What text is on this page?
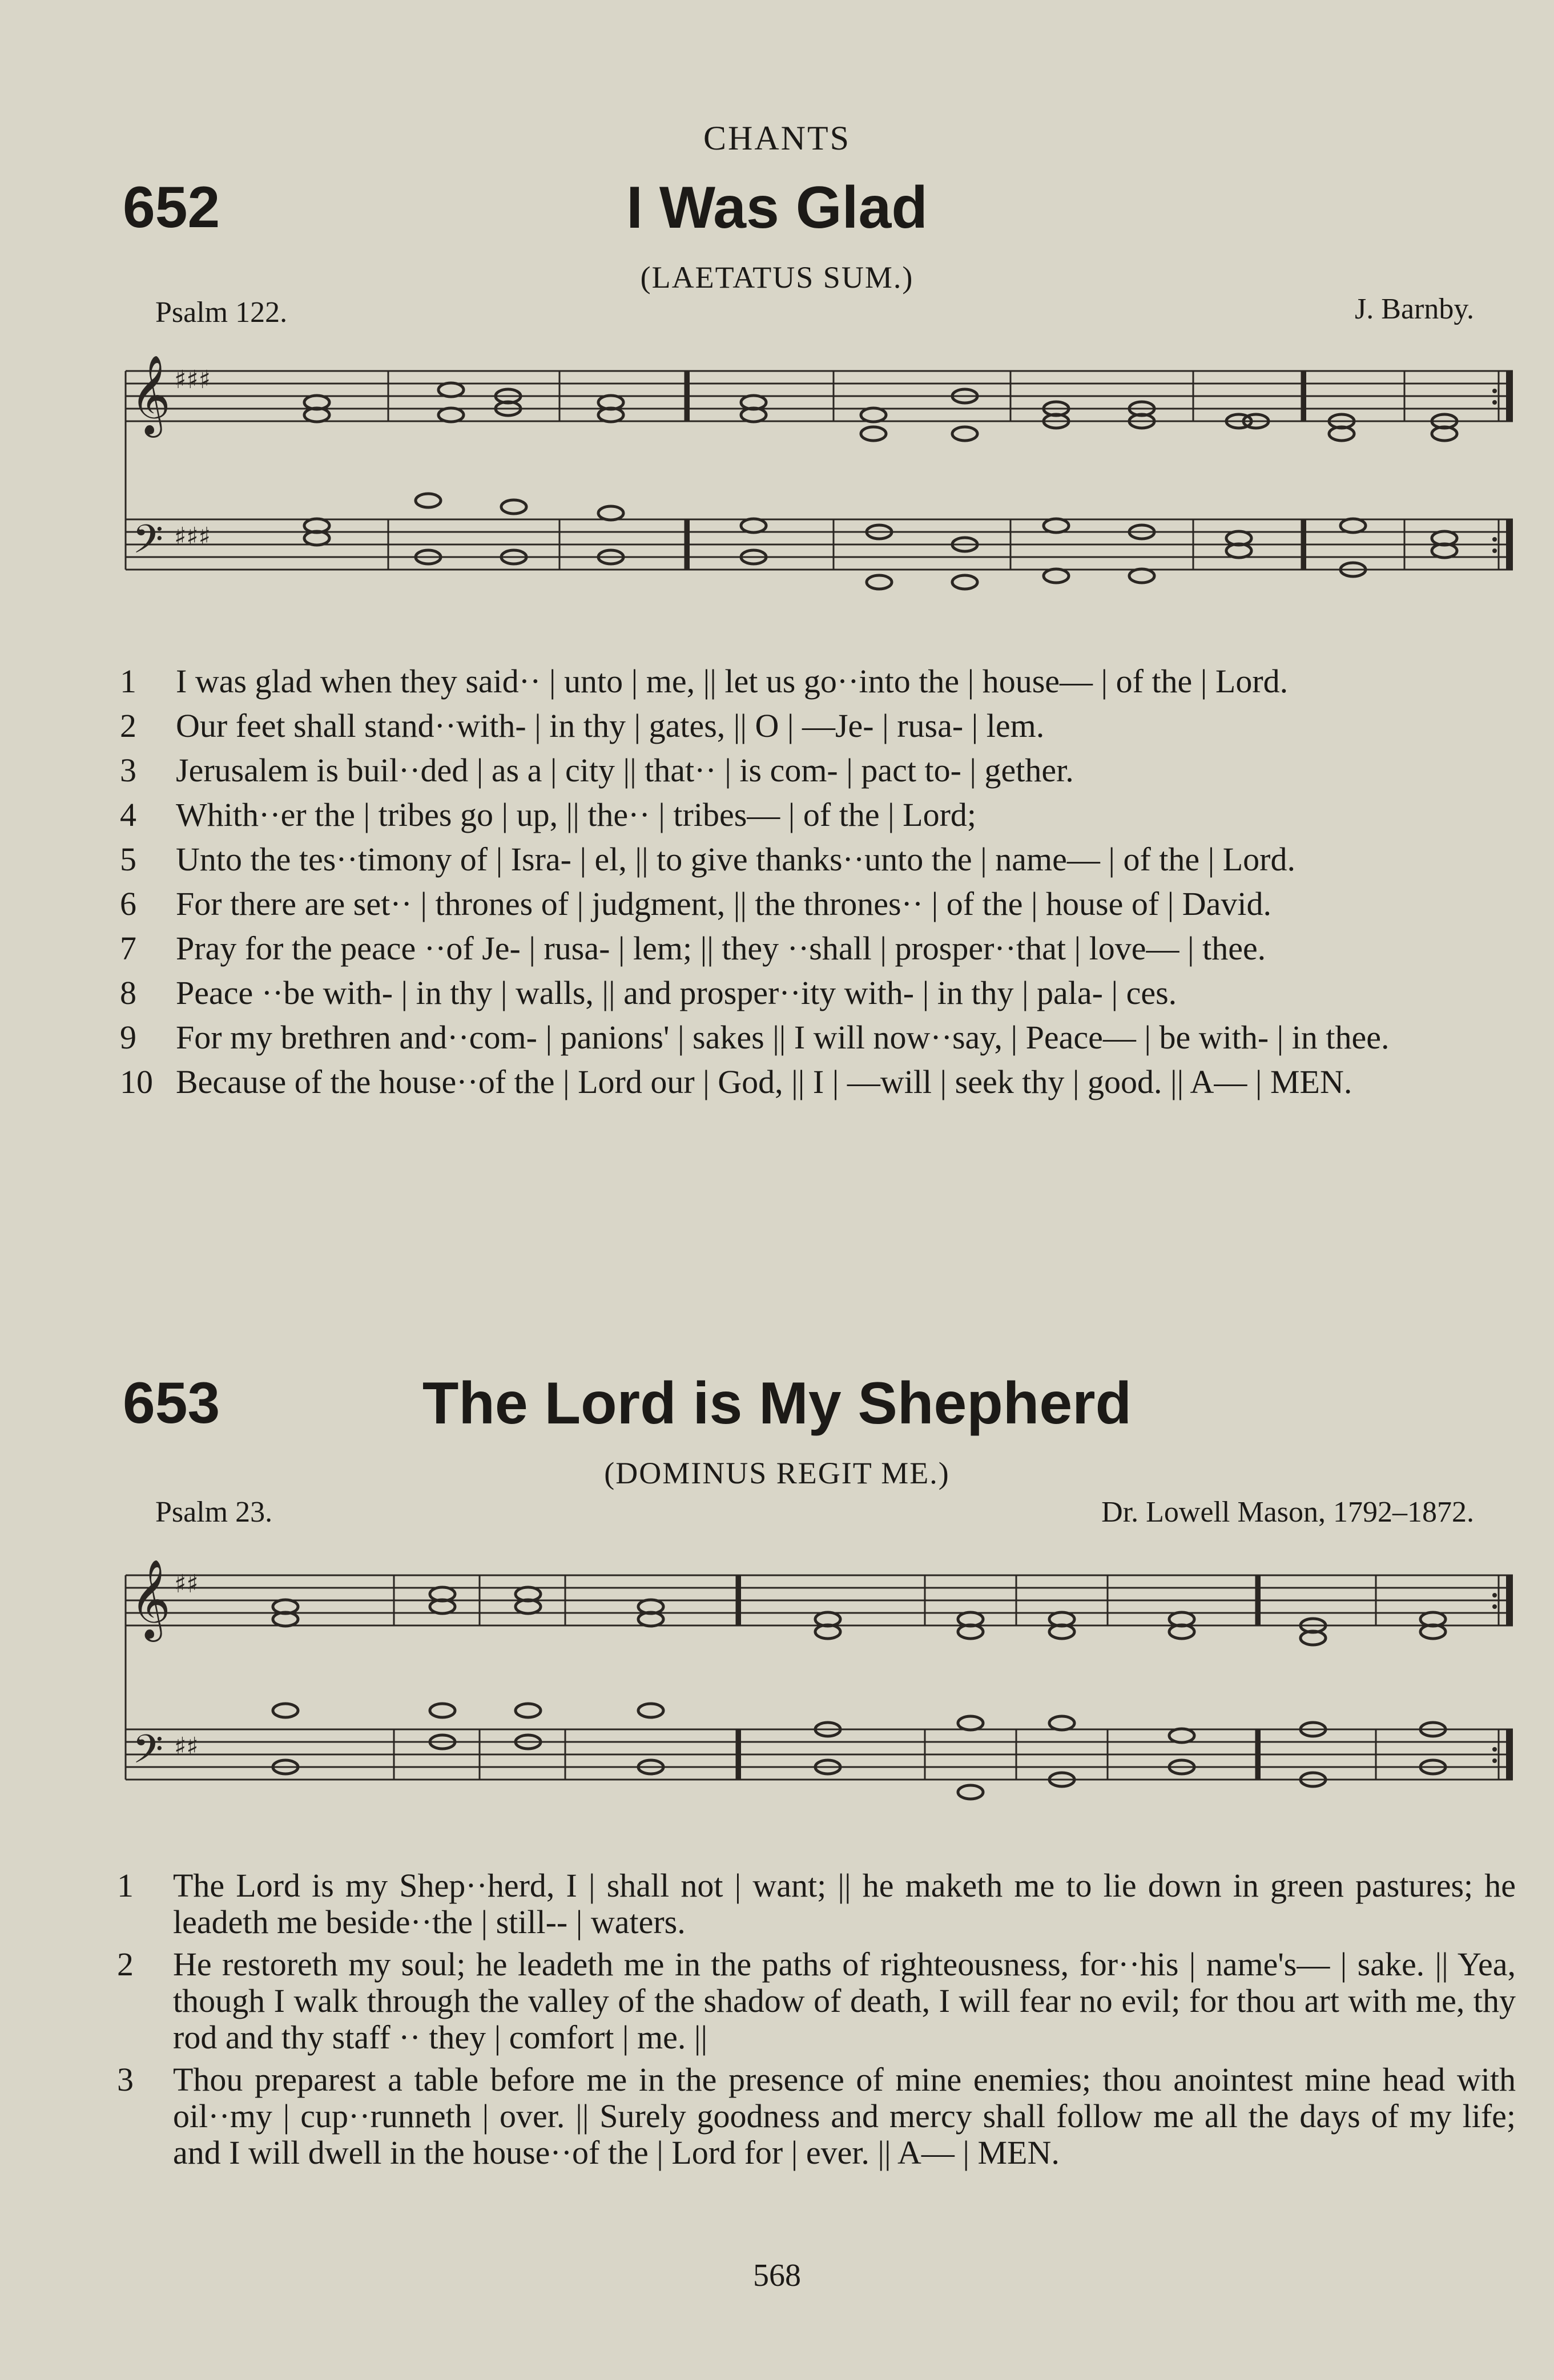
CHANTS
652	I Was Glad
(LAETATUS SUM.)
Psalm 122.	J. Barnby.
𝄞
𝄢
♯♯♯
♯♯♯
1	I was glad when they said·· | unto | me, || let us go··into the | house— | of the | Lord.
2	Our feet shall stand··with- | in thy | gates, || O | —Je- | rusa- | lem.
3	Jerusalem is buil··ded | as a | city || that·· | is com- | pact to- | gether.
4	Whith··er the | tribes go | up, || the·· | tribes— | of the | Lord;
5	Unto the tes··timony of | Isra- | el, || to give thanks··unto the | name— | of the | Lord.
6	For there are set·· | thrones of | judgment, || the thrones·· | of the | house of | David.
7	Pray for the peace ··of Je- | rusa- | lem; || they ··shall | prosper··that | love— | thee.
8	Peace ··be with- | in thy | walls, || and prosper··ity with- | in thy | pala- | ces.
9	For my brethren and··com- | panions' | sakes || I will now··say, | Peace— | be with- | in thee.
10 Because of the house··of the | Lord our | God, || I | —will | seek thy | good. || A— | MEN.
653	The Lord is My Shepherd
(DOMINUS REGIT ME.)
Psalm 23.	Dr. Lowell Mason, 1792–1872.
𝄞
𝄢
♯♯
♯♯
1	The Lord is my Shep··herd, I | shall not | want; || he maketh me to lie down in green pastures; he leadeth me beside··the | still-- | waters.
2	He restoreth my soul; he leadeth me in the paths of righteousness, for··his | name's— | sake. || Yea, though I walk through the valley of the shadow of death, I will fear no evil; for thou art with me, thy rod and thy staff ·· they | comfort | me. ||
3	Thou preparest a table before me in the presence of mine enemies; thou anointest mine head with oil··my | cup··runneth | over. || Surely goodness and mercy shall follow me all the days of my life; and I will dwell in the house··of the | Lord for | ever. || A— | MEN.
568
